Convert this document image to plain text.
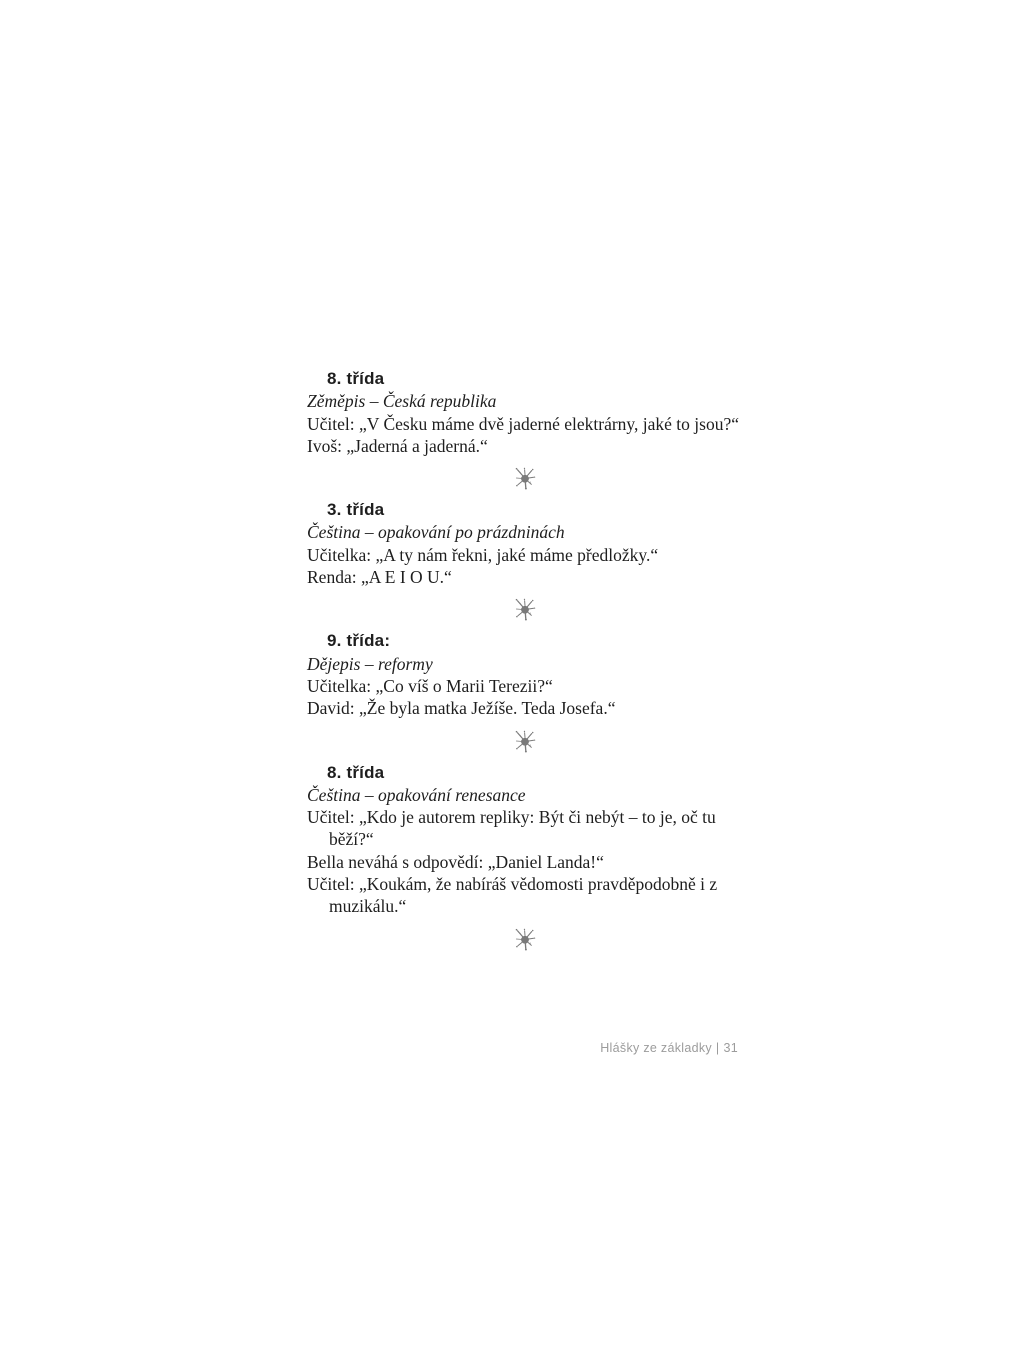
8. třída

Zěměpis – Česká republika

Učitel: „V Česku máme dvě jaderné elektrárny, jaké to jsou?“

Ivoš: „Jaderná a jaderná.“

3. třída

Čeština – opakování po prázdninách

Učitelka: „A ty nám řekni, jaké máme předložky.“

Renda: „A E I O U.“

9. třída:

Dějepis – reformy

Učitelka: „Co víš o Marii Terezii?“

David: „Že byla matka Ježíše. Teda Josefa.“

8. třída

Čeština – opakování renesance

Učitel: „Kdo je autorem repliky: Být či nebýt – to je, oč tu běží?“

Bella neváhá s odpovědí: „Daniel Landa!“

Učitel: „Koukám, že nabíráš vědomosti pravděpodobně i z muzikálu.“

Hlášky ze základky | 31
